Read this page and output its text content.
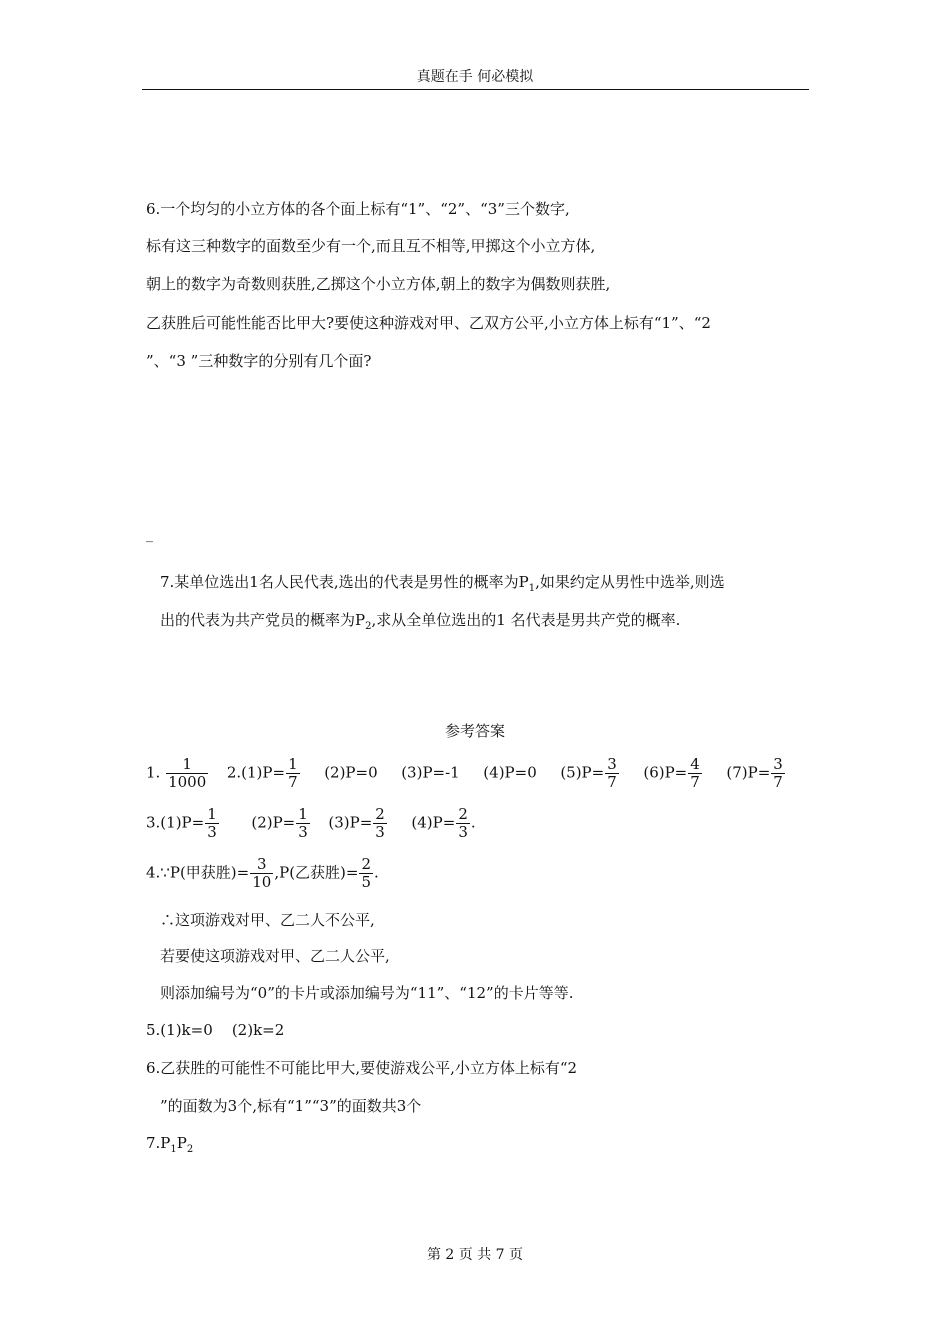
真题在手 何必模拟
6.一个均匀的小立方体的各个面上标有“1”、“2”、“3”三个数字,
标有这三种数字的面数至少有一个,而且互不相等,甲掷这个小立方体,
朝上的数字为奇数则获胜,乙掷这个小立方体,朝上的数字为偶数则获胜,
乙获胜后可能性能否比甲大?要使这种游戏对甲、乙双方公平,小立方体上标有“1”、“2
”、“3 ”三种数字的分别有几个面?
_
7.某单位选出1名人民代表,选出的代表是男性的概率为$P_1$,如果约定从男性中选举,则选
出的代表为共产党员的概率为$P_2$,求从全单位选出的1 名代表是男共产党的概率.
参考答案
1. $\frac{1}{1000} 2.(1)P= \frac{1}{7} (2)P=0$ (3)P=-1 (4)P=0 $(5)P= \frac{3}{7} (6)P= \frac{4}{7} (7)P= \frac{3}{7}$
$3.(1)P= \frac{1}{3} (2)P= \frac{1}{3} (3)P= \frac{2}{3} (4)P= \frac{2}{3}$ .
4.∵P(甲获胜)= $\frac{3}{10} ,P$(乙获胜)= $\frac{2}{5}$ .
∴这项游戏对甲、乙二人不公平,
若要使这项游戏对甲、乙二人公平,
则添加编号为“0”的卡片或添加编号为“11”、“12”的卡片等等.
5.(1)k=0    (2)k=2
6.乙获胜的可能性不可能比甲大,要使游戏公平,小立方体上标有“2
”的面数为3个,标有“1”“3”的面数共3个
$7.P_1P_2$
第 2 页 共 7 页
